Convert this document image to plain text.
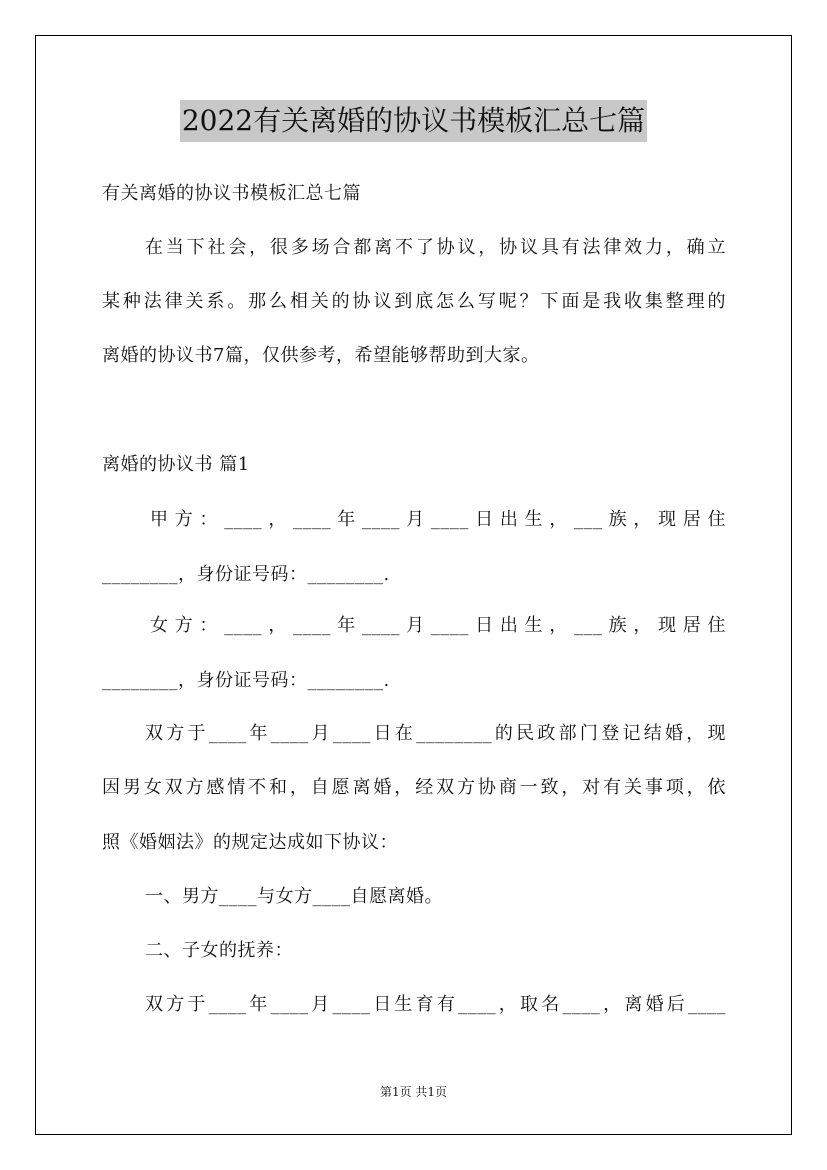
2022有关离婚的协议书模板汇总七篇
有关离婚的协议书模板汇总七篇
在当下社会，很多场合都离不了协议，协议具有法律效力，确立
某种法律关系。那么相关的协议到底怎么写呢？下面是我收集整理的
离婚的协议书7篇，仅供参考，希望能够帮助到大家。
离婚的协议书 篇1
甲方：____，____年____月____日出生，___族，现居住
________，身份证号码：________.
女方：____，____年____月____日出生，___族，现居住
________，身份证号码：________.
双方于____年____月____日在________的民政部门登记结婚，现
因男女双方感情不和，自愿离婚，经双方协商一致，对有关事项，依
照《婚姻法》的规定达成如下协议：
一、男方____与女方____自愿离婚。
二、子女的抚养：
双方于____年____月____日生育有____，取名____，离婚后____
第1页 共1页
